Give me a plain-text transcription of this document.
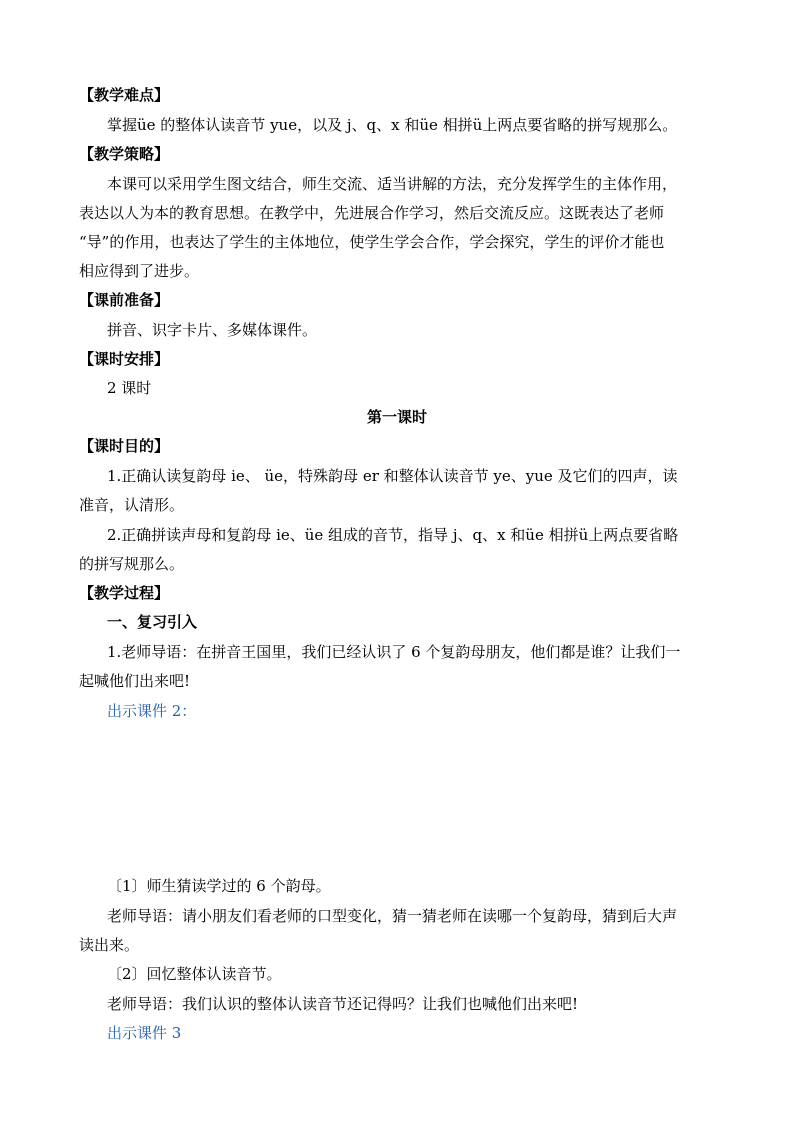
【教学难点】
掌握üe 的整体认读音节 yue，以及 j、q、x 和üe 相拼ü上两点要省略的拼写规那么。
【教学策略】
本课可以采用学生图文结合，师生交流、适当讲解的方法，充分发挥学生的主体作用，
表达以人为本的教育思想。在教学中，先进展合作学习，然后交流反应。这既表达了老师
“导”的作用，也表达了学生的主体地位，使学生学会合作，学会探究，学生的评价才能也
相应得到了进步。
【课前准备】
拼音、识字卡片、多媒体课件。
【课时安排】
2 课时
第一课时
【课时目的】
1.正确认读复韵母 ie、 üe，特殊韵母 er 和整体认读音节 ye、yue 及它们的四声，读
准音，认清形。
2.正确拼读声母和复韵母 ie、üe 组成的音节，指导 j、q、x 和üe 相拼ü上两点要省略
的拼写规那么。
【教学过程】
一、复习引入
1.老师导语：在拼音王国里，我们已经认识了 6 个复韵母朋友，他们都是谁？让我们一
起喊他们出来吧!
出示课件 2：
〔1〕师生猜读学过的 6 个韵母。
老师导语：请小朋友们看老师的口型变化，猜一猜老师在读哪一个复韵母，猜到后大声
读出来。
〔2〕回忆整体认读音节。
老师导语：我们认识的整体认读音节还记得吗？让我们也喊他们出来吧!
出示课件 3
